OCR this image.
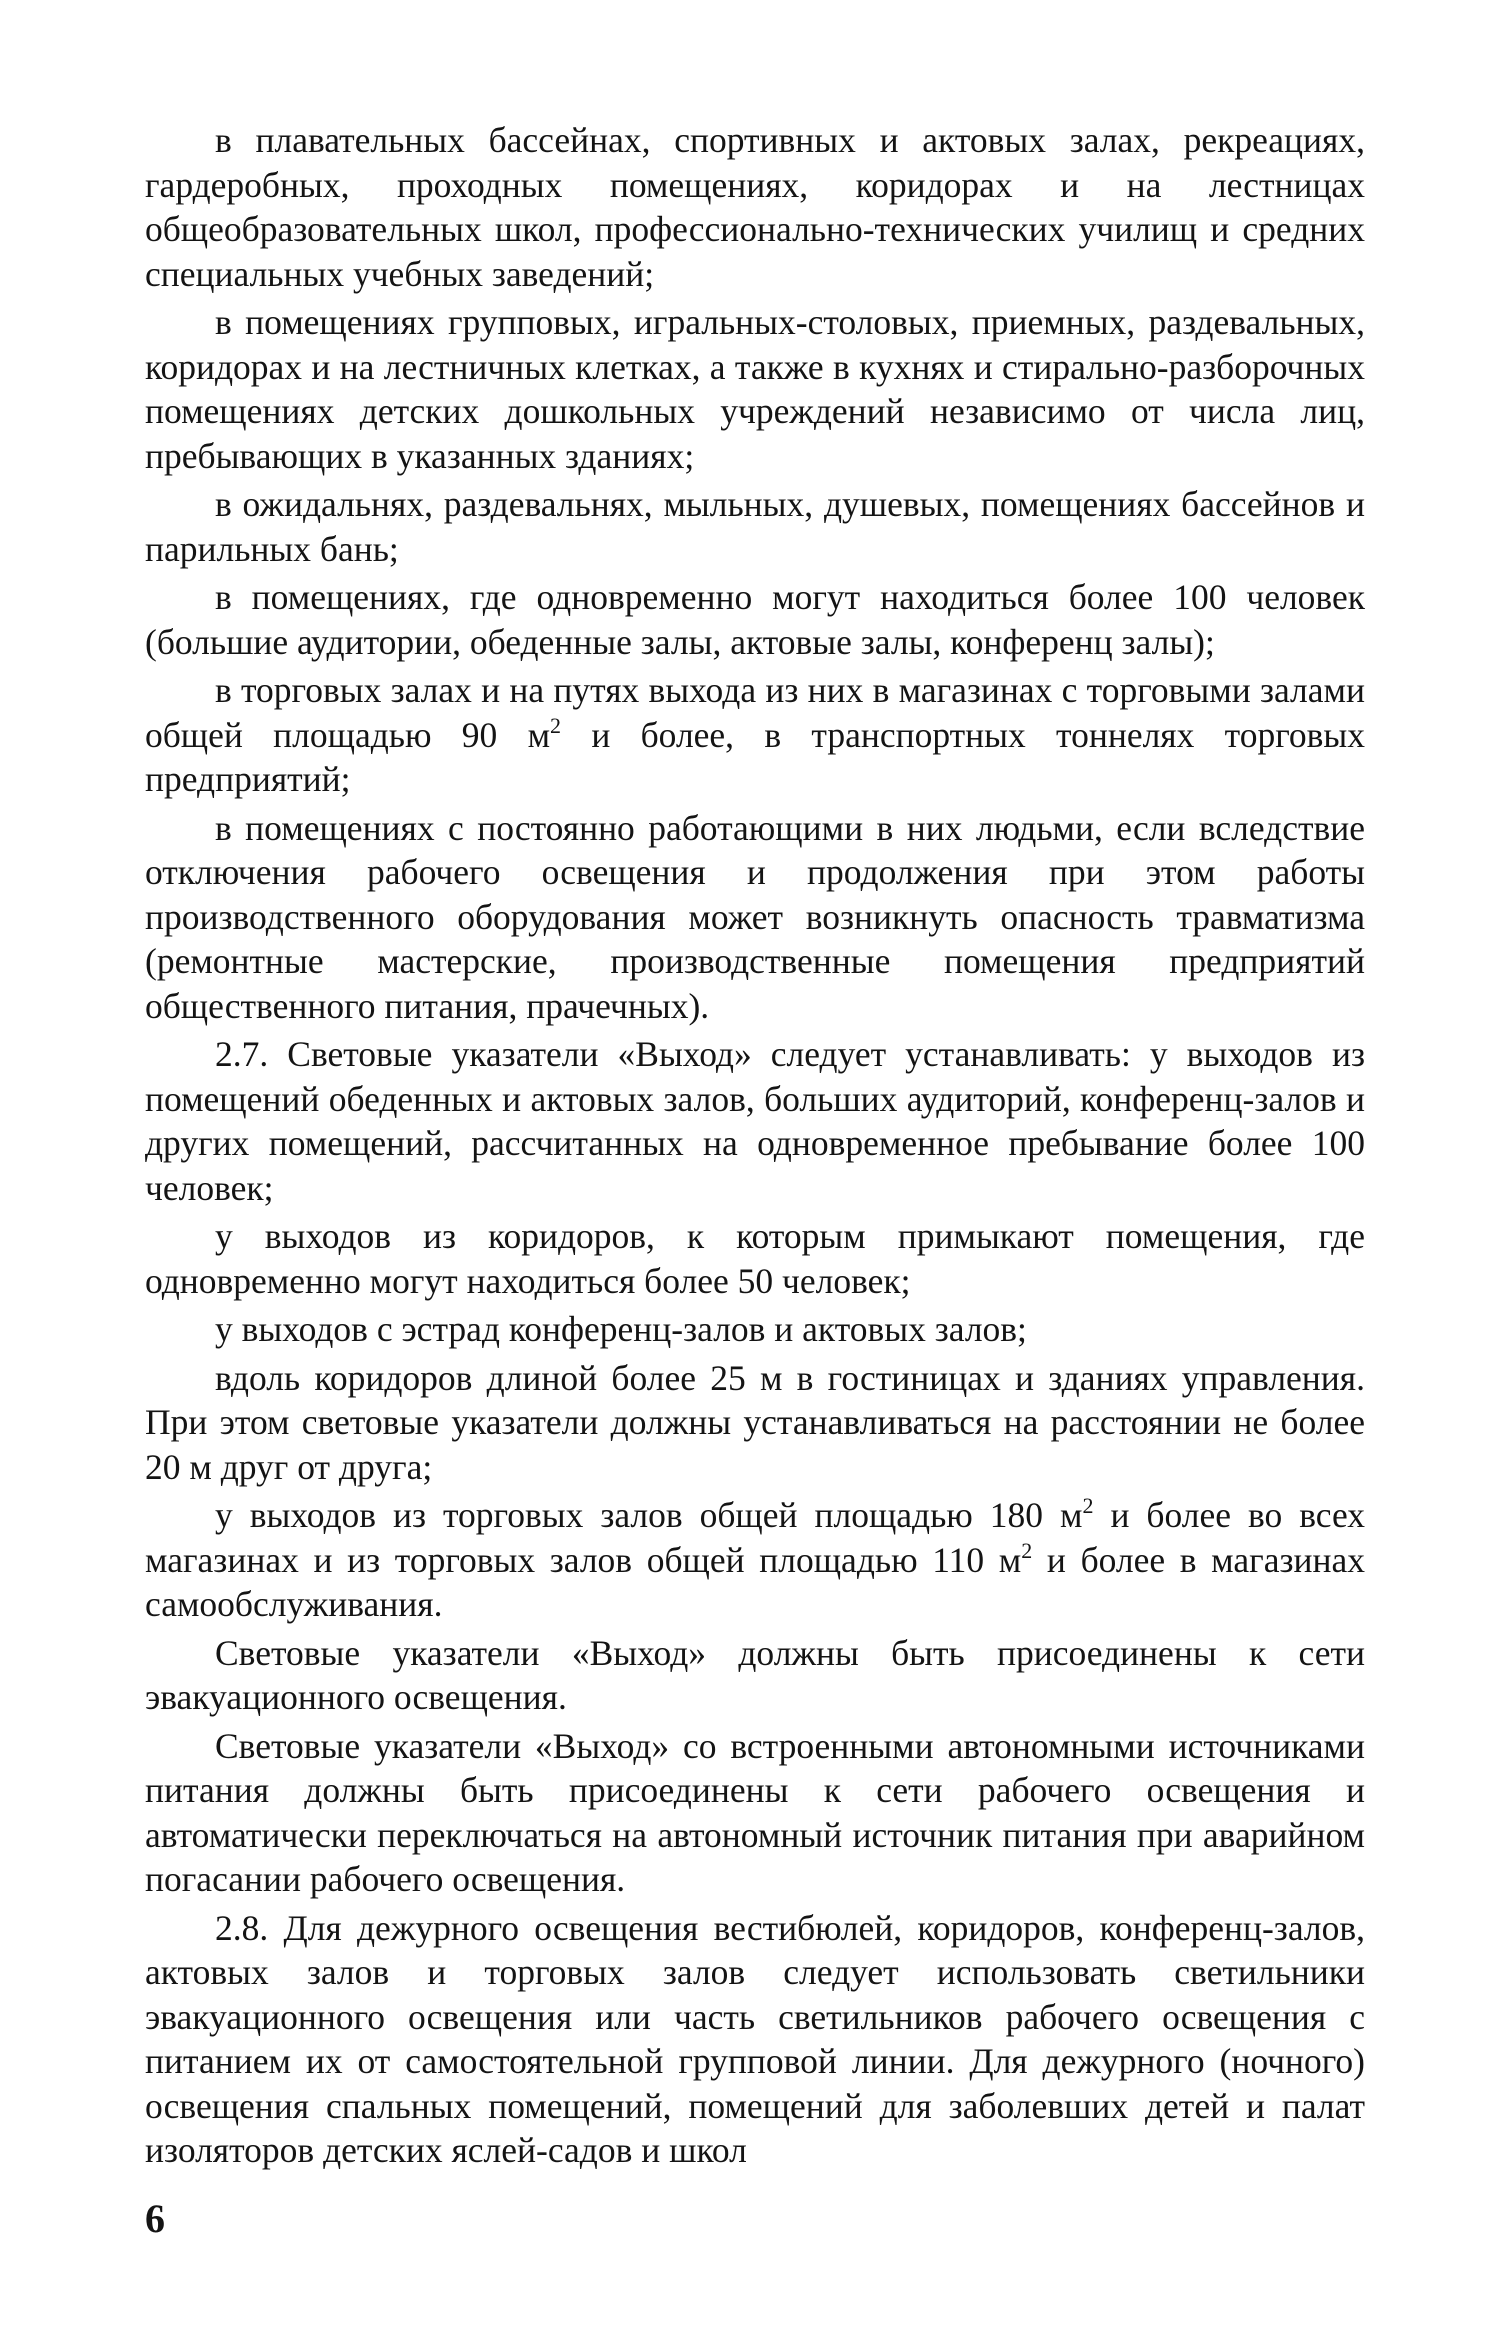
в плавательных бассейнах, спортивных и актовых залах, рекреациях, гардеробных, проходных помещениях, коридорах и на лестницах общеобразовательных школ, профессионально-технических училищ и средних специальных учебных заведений;

в помещениях групповых, игральных-столовых, приемных, раздевальных, коридорах и на лестничных клетках, а также в кухнях и стирально-разборочных помещениях детских дошкольных учреждений независимо от числа лиц, пребывающих в указанных зданиях;

в ожидальнях, раздевальнях, мыльных, душевых, помещениях бассейнов и парильных бань;

в помещениях, где одновременно могут находиться более 100 человек (большие аудитории, обеденные залы, актовые залы, конференц залы);

в торговых залах и на путях выхода из них в магазинах с торговыми залами общей площадью 90 $м^2$ и более, в транспортных тоннелях торговых предприятий;

в помещениях с постоянно работающими в них людьми, если вследствие отключения рабочего освещения и продолжения при этом работы производственного оборудования может возникнуть опасность травматизма (ремонтные мастерские, производственные помещения предприятий общественного питания, прачечных).

2.7. Световые указатели «Выход» следует устанавливать: у выходов из помещений обеденных и актовых залов, больших аудиторий, конференц-залов и других помещений, рассчитанных на одновременное пребывание более 100 человек;

у выходов из коридоров, к которым примыкают помещения, где одновременно могут находиться более 50 человек;

у выходов с эстрад конференц-залов и актовых залов;

вдоль коридоров длиной более 25 м в гостиницах и зданиях управления. При этом световые указатели должны устанавливаться на расстоянии не более 20 м друг от друга;

у выходов из торговых залов общей площадью 180 $м^2$ и более во всех магазинах и из торговых залов общей площадью 110 $м^2$ и более в магазинах самообслуживания.

Световые указатели «Выход» должны быть присоединены к сети эвакуационного освещения.

Световые указатели «Выход» со встроенными автономными источниками питания должны быть присоединены к сети рабочего освещения и автоматически переключаться на автономный источник питания при аварийном погасании рабочего освещения.

2.8. Для дежурного освещения вестибюлей, коридоров, конференц-залов, актовых залов и торговых залов следует использовать светильники эвакуационного освещения или часть светильников рабочего освещения с питанием их от самостоятельной групповой линии. Для дежурного (ночного) освещения спальных помещений, помещений для заболевших детей и палат изоляторов детских яслей-садов и школ

6
